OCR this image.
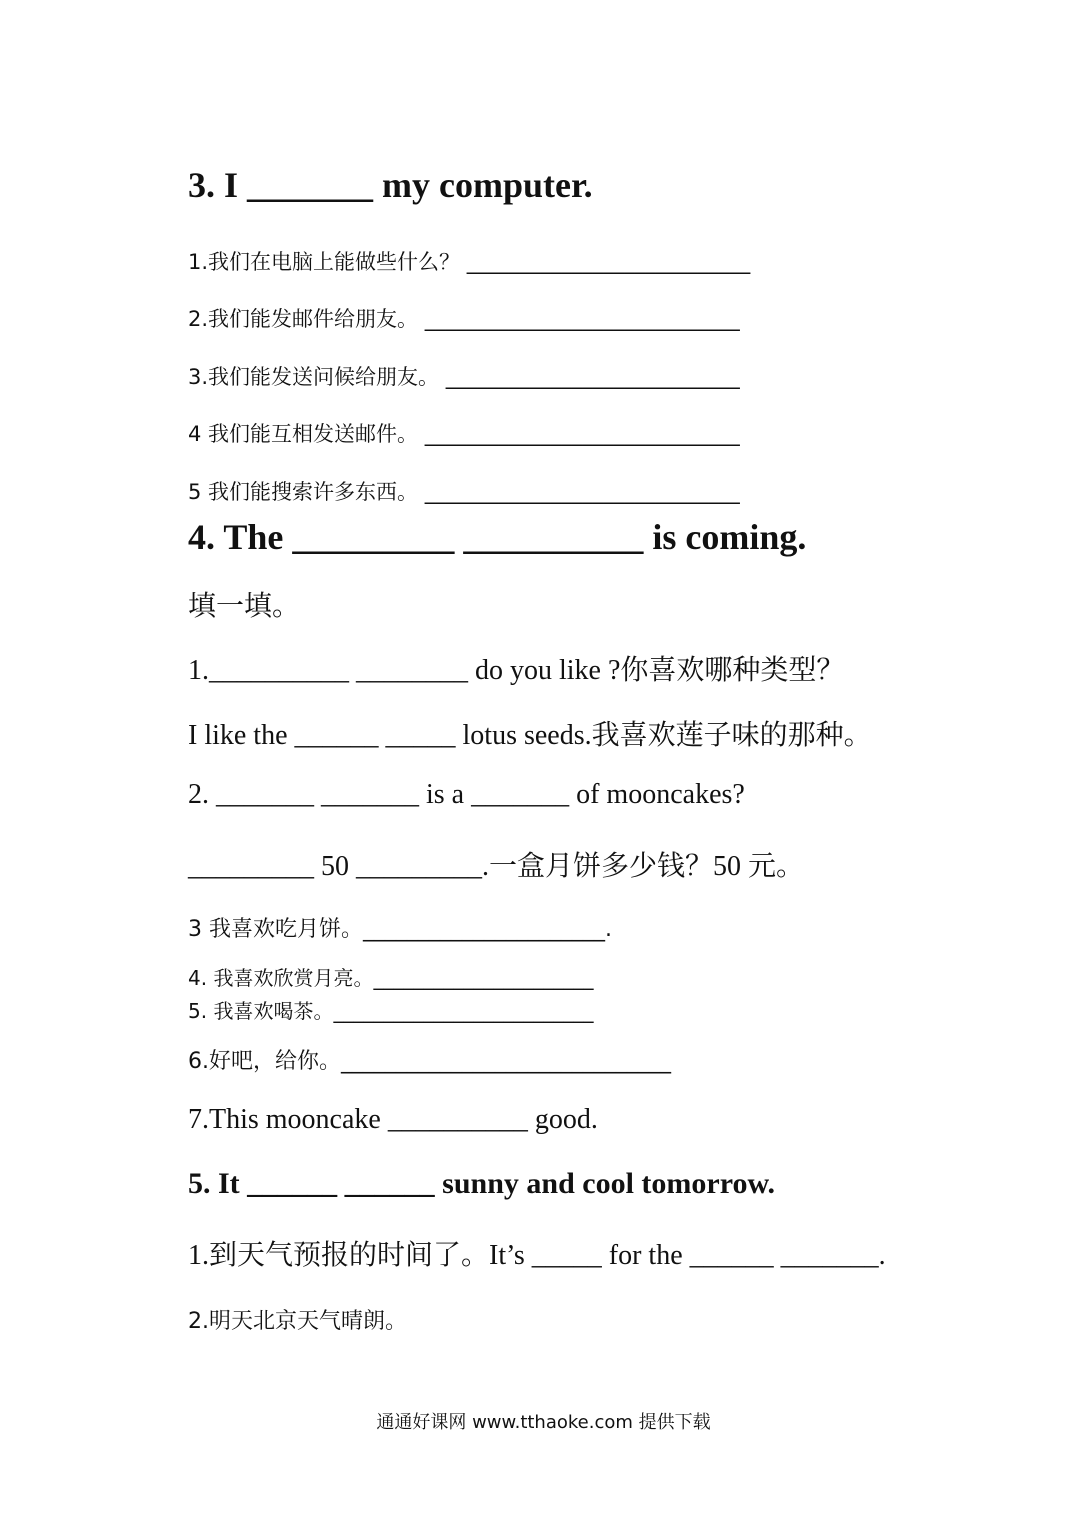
3. I _______ my computer.
1.我们在电脑上能做些什么？ ___________________________
2.我们能发邮件给朋友。 ______________________________
3.我们能发送问候给朋友。 ____________________________
4 我们能互相发送邮件。 ______________________________
5 我们能搜索许多东西。 ______________________________
4. The _________ __________ is coming.
填一填。
1.__________ ________ do you like ?你喜欢哪种类型？
I like the ______ _____ lotus seeds.我喜欢莲子味的那种。
2. _______ _______ is a _______ of mooncakes?
_________ 50 _________.一盒月饼多少钱？50 元。
3 我喜欢吃月饼。______________________.
4. 我喜欢欣赏月亮。______________________
5. 我喜欢喝茶。__________________________
6.好吧，给你。______________________________
7.This mooncake __________ good.
5. It ______ ______ sunny and cool tomorrow.
1.到天气预报的时间了。It’s _____ for the ______ _______.
2.明天北京天气晴朗。
通通好课网 www.tthaoke.com 提供下载
